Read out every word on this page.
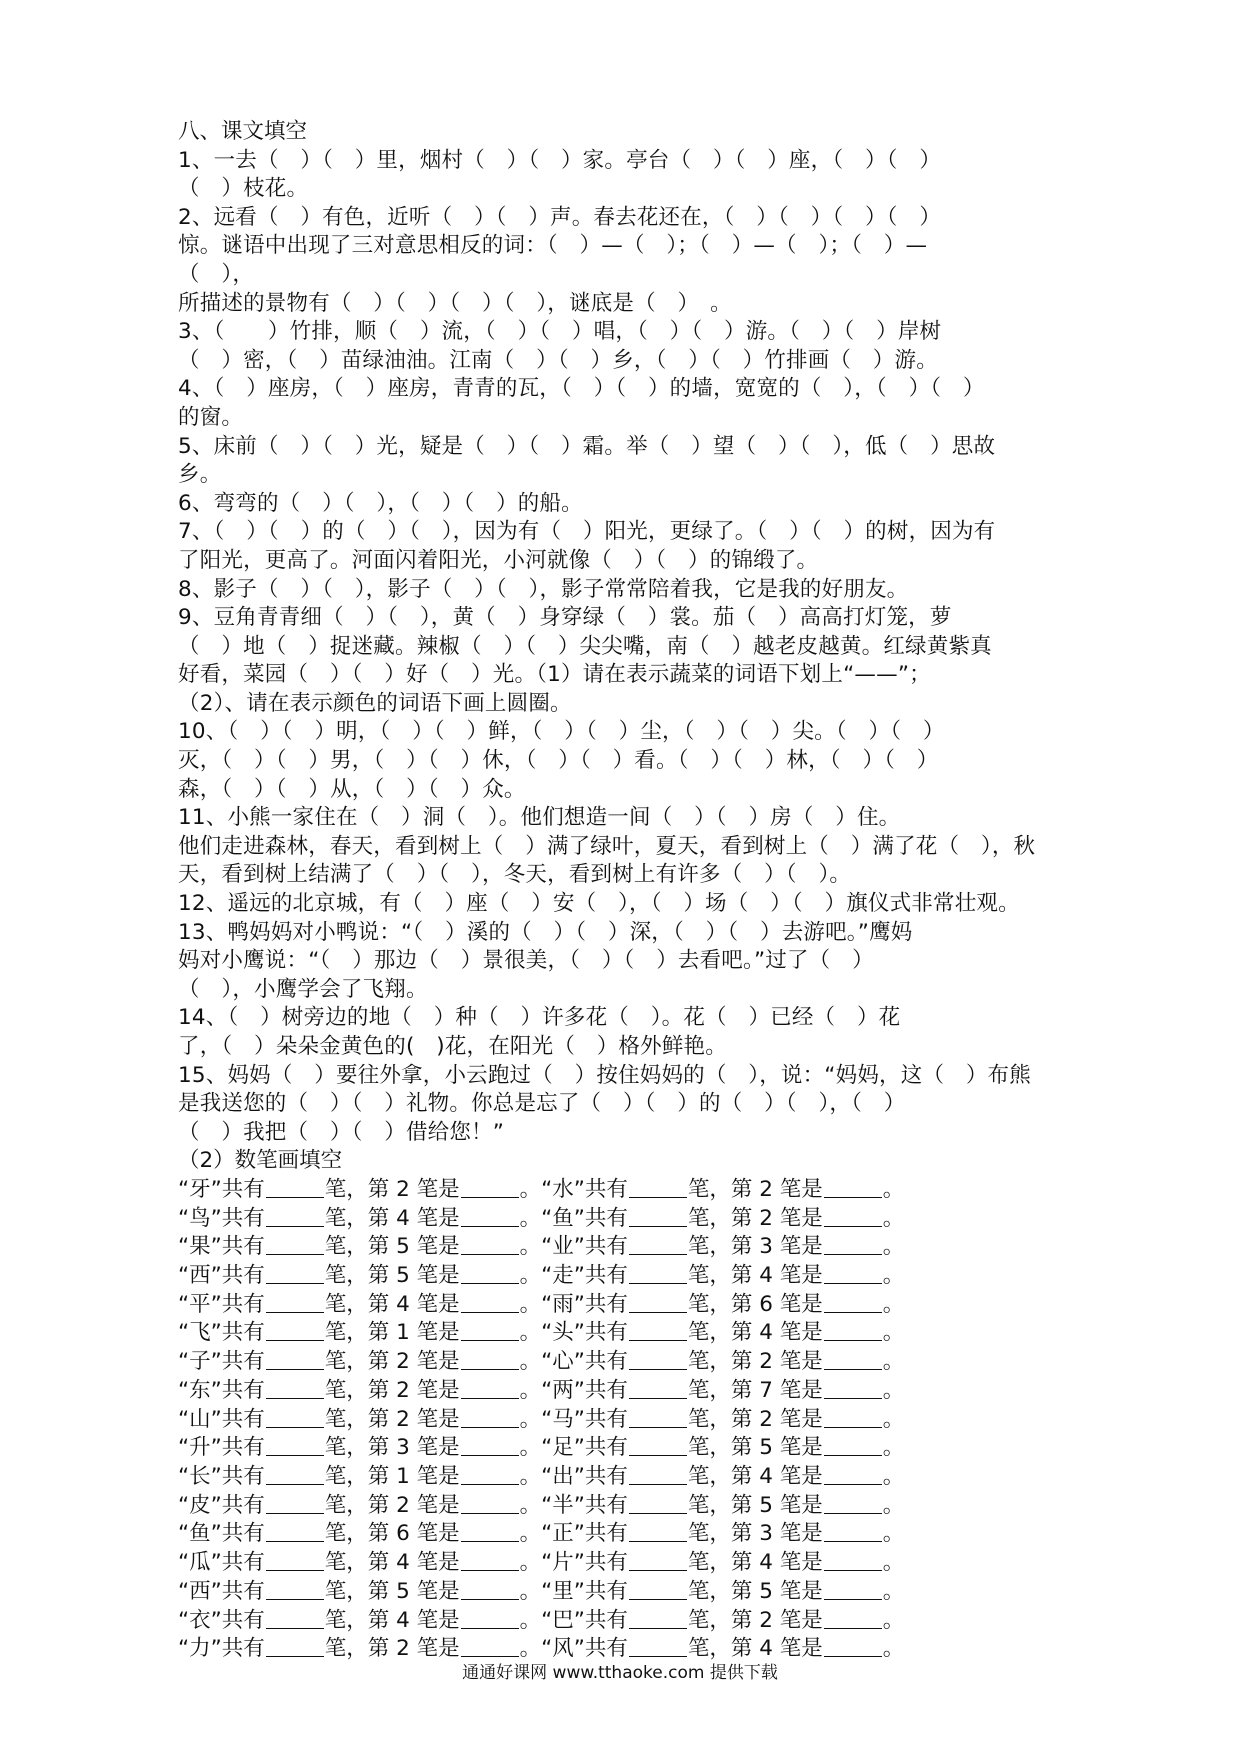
八、课文填空
1、一去（　）（　）里，烟村（　）（　）家。亭台（　）（　）座，（　）（　）
（　）枝花。
2、远看（　）有色，近听（　）（　）声。春去花还在，（　）（　）（　）（　）
惊。谜语中出现了三对意思相反的词：（　）—（　）；（　）—（　）；（　）—
（　），
所描述的景物有（　）（　）（　）（　），谜底是（　）　。
3、（　　）竹排，顺（　）流，（　）（　）唱，（　）（　）游。（　）（　）岸树
（　）密，（　）苗绿油油。江南（　）（　）乡，（　）（　）竹排画（　）游。
4、（　）座房，（　）座房，青青的瓦，（　）（　）的墙，宽宽的（　），（　）（　）
的窗。
5、床前（　）（　）光，疑是（　）（　）霜。举（　）望（　）（　），低（　）思故
乡。
6、弯弯的（　）（　），（　）（　）的船。
7、（　）（　）的（　）（　），因为有（　）阳光，更绿了。（　）（　）的树，因为有
了阳光，更高了。河面闪着阳光，小河就像（　）（　）的锦缎了。
8、影子（　）（　），影子（　）（　），影子常常陪着我，它是我的好朋友。
9、豆角青青细（　）（　），黄（　）身穿绿（　）裳。茄（　）高高打灯笼，萝
（　）地（　）捉迷藏。辣椒（　）（　）尖尖嘴，南（　）越老皮越黄。红绿黄紫真
好看，菜园（　）（　）好（　）光。（1）请在表示蔬菜的词语下划上“——”；
（2）、请在表示颜色的词语下画上圆圈。
10、（　）（　）明，（　）（　）鲜，（　）（　）尘，（　）（　）尖。（　）（　）
灭，（　）（　）男，（　）（　）休，（　）（　）看。（　）（　）林，（　）（　）
森，（　）（　）从，（　）（　）众。
11、小熊一家住在（　）洞（　）。他们想造一间（　）（　）房（　）住。
他们走进森林，春天，看到树上（　）满了绿叶，夏天，看到树上（　）满了花（　），秋
天，看到树上结满了（　）（　），冬天，看到树上有许多（　）（　）。
12、遥远的北京城，有（　）座（　）安（　），（　）场（　）（　）旗仪式非常壮观。
13、鸭妈妈对小鸭说：“（　）溪的（　）（　）深，（　）（　）去游吧。”鹰妈
妈对小鹰说：“（　）那边（　）景很美，（　）（　）去看吧。”过了（　）
（　），小鹰学会了飞翔。
14、（　）树旁边的地（　）种（　）许多花（　）。花（　）已经（　）花
了，（　）朵朵金黄色的(　)花，在阳光（　）格外鲜艳。
15、妈妈（　）要往外拿，小云跑过（　）按住妈妈的（　），说：“妈妈，这（　）布熊
是我送您的（　）（　）礼物。你总是忘了（　）（　）的（　）（　），（　）
（　）我把（　）（　）借给您！”
（2）数笔画填空
“牙”共有	笔，第 2 笔是	。“水”共有	笔，第 2 笔是	。
“鸟”共有	笔，第 4 笔是	。“鱼”共有	笔，第 2 笔是	。
“果”共有	笔，第 5 笔是	。“业”共有	笔，第 3 笔是	。
“西”共有	笔，第 5 笔是	。“走”共有	笔，第 4 笔是	。
“平”共有	笔，第 4 笔是	。“雨”共有	笔，第 6 笔是	。
“飞”共有	笔，第 1 笔是	。“头”共有	笔，第 4 笔是	。
“子”共有	笔，第 2 笔是	。“心”共有	笔，第 2 笔是	。
“东”共有	笔，第 2 笔是	。“两”共有	笔，第 7 笔是	。
“山”共有	笔，第 2 笔是	。“马”共有	笔，第 2 笔是	。
“升”共有	笔，第 3 笔是	。“足”共有	笔，第 5 笔是	。
“长”共有	笔，第 1 笔是	。“出”共有	笔，第 4 笔是	。
“皮”共有	笔，第 2 笔是	。“半”共有	笔，第 5 笔是	。
“鱼”共有	笔，第 6 笔是	。“正”共有	笔，第 3 笔是	。
“瓜”共有	笔，第 4 笔是	。“片”共有	笔，第 4 笔是	。
“西”共有	笔，第 5 笔是	。“里”共有	笔，第 5 笔是	。
“衣”共有	笔，第 4 笔是	。“巴”共有	笔，第 2 笔是	。
“力”共有	笔，第 2 笔是	。“风”共有	笔，第 4 笔是	。
通通好课网 www.tthaoke.com 提供下载
